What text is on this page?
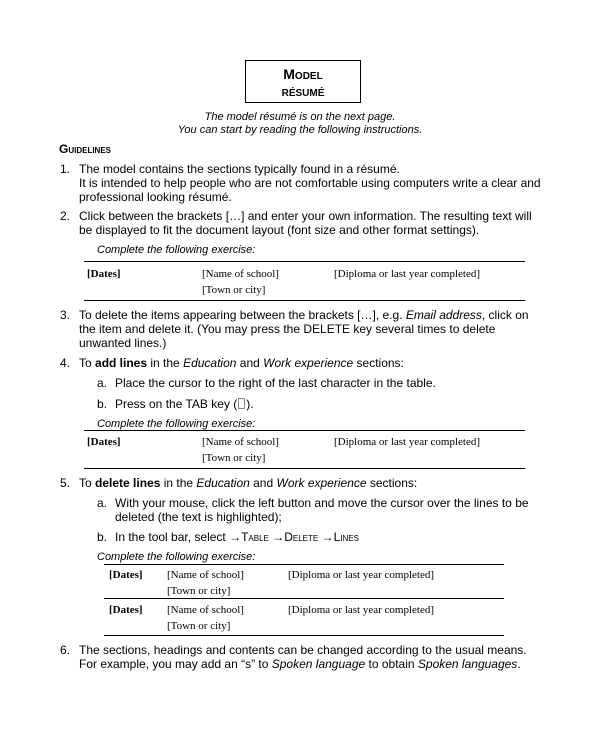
Model
résumé
The model résumé is on the next page.
You can start by reading the following instructions.
Guidelines
1. The model contains the sections typically found in a résumé.
It is intended to help people who are not comfortable using computers write a clear and
professional looking résumé.
2. Click between the brackets […] and enter your own information. The resulting text will
be displayed to fit the document layout (font size and other format settings).
Complete the following exercise:
[Dates]	[Name of school]	[Diploma or last year completed]
[Town or city]
3. To delete the items appearing between the brackets […], e.g. Email address, click on
the item and delete it. (You may press the DELETE key several times to delete
unwanted lines.)
4. To add lines in the Education and Work experience sections:
a. Place the cursor to the right of the last character in the table.
b. Press on the TAB key ( ).
Complete the following exercise:
[Dates]	[Name of school]	[Diploma or last year completed]
[Town or city]
5. To delete lines in the Education and Work experience sections:
a. With your mouse, click the left button and move the cursor over the lines to be
deleted (the text is highlighted);
b. In the tool bar, select →Table →Delete →Lines
Complete the following exercise:
[Dates] [Name of school]	[Diploma or last year completed]
[Town or city]
[Dates] [Name of school]	[Diploma or last year completed]
[Town or city]
6. The sections, headings and contents can be changed according to the usual means.
For example, you may add an “s” to Spoken language to obtain Spoken languages.
